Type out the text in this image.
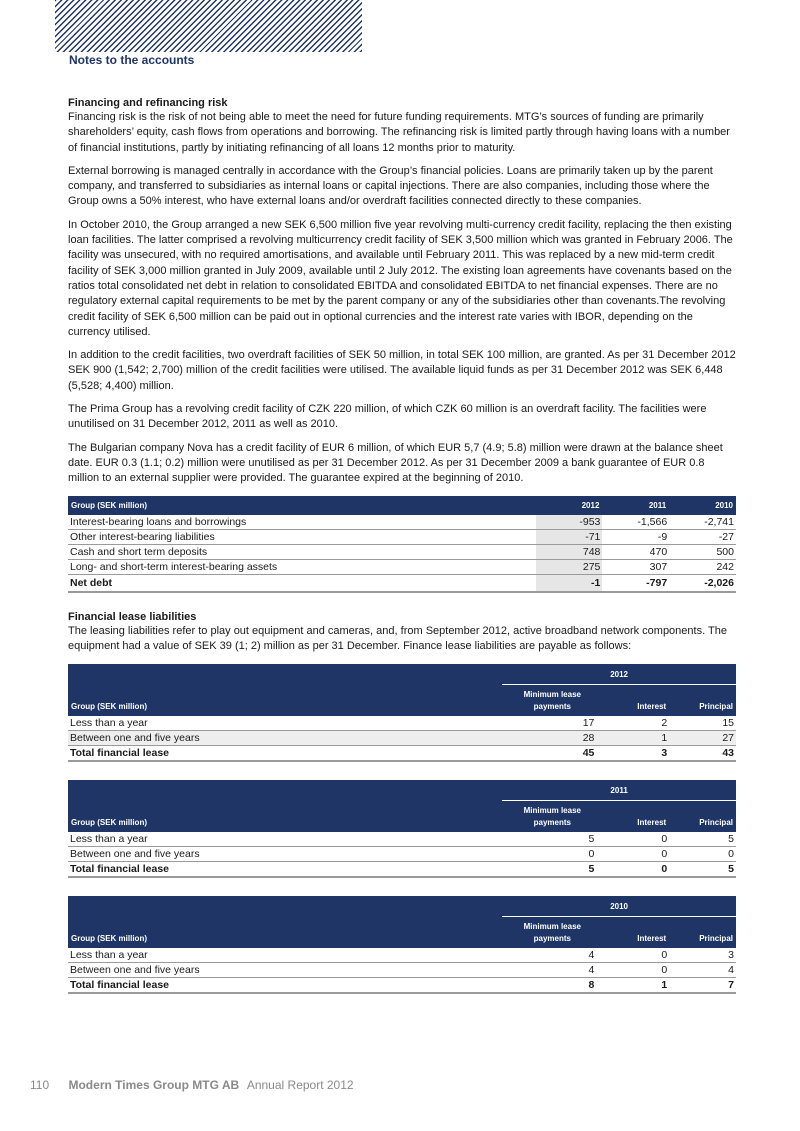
Notes to the accounts
Financing and refinancing risk

Financing risk is the risk of not being able to meet the need for future funding requirements. MTG’s sources of funding are primarily shareholders’ equity, cash flows from operations and borrowing. The refinancing risk is limited partly through having loans with a number of financial institutions, partly by initiating refinancing of all loans 12 months prior to maturity.

External borrowing is managed centrally in accordance with the Group’s financial policies. Loans are primarily taken up by the parent company, and transferred to subsidiaries as internal loans or capital injections. There are also companies, including those where the Group owns a 50% interest, who have external loans and/or overdraft facilities connected directly to these companies.

In October 2010, the Group arranged a new SEK 6,500 million five year revolving multi-currency credit facility, replacing the then existing loan facilities. The latter comprised a revolving multicurrency credit facility of SEK 3,500 million which was granted in February 2006. The facility was unsecured, with no required amortisations, and available until February 2011. This was replaced by a new mid-term credit facility of SEK 3,000 million granted in July 2009, available until 2 July 2012. The existing loan agreements have covenants based on the ratios total consolidated net debt in relation to consolidated EBITDA and consolidated EBITDA to net financial expenses. There are no regulatory external capital requirements to be met by the parent company or any of the subsidiaries other than covenants.The revolving credit facility of SEK 6,500 million can be paid out in optional currencies and the interest rate varies with IBOR, depending on the currency utilised.

In addition to the credit facilities, two overdraft facilities of SEK 50 million, in total SEK 100 million, are granted. As per 31 December 2012 SEK 900 (1,542; 2,700) million of the credit facilities were utilised. The available liquid funds as per 31 December 2012 was SEK 6,448 (5,528; 4,400) million.

The Prima Group has a revolving credit facility of CZK 220 million, of which CZK 60 million is an overdraft facility. The facilities were unutilised on 31 December 2012, 2011 as well as 2010.

The Bulgarian company Nova has a credit facility of EUR 6 million, of which EUR 5,7 (4.9; 5.8) million were drawn at the balance sheet date. EUR 0.3 (1.1; 0.2) million were unutilised as per 31 December 2012. As per 31 December 2009 a bank guarantee of EUR 0.8 million to an external supplier were provided. The guarantee expired at the beginning of 2010.

Group (SEK million)	2012	2011	2010
Interest-bearing loans and borrowings	-953	-1,566	-2,741
Other interest-bearing liabilities	-71	-9	-27
Cash and short term deposits	748	470	500
Long- and short-term interest-bearing assets	275	307	242
Net debt	-1	-797	-2,026
Financial lease liabilities

The leasing liabilities refer to play out equipment and cameras, and, from September 2012, active broadband network components. The equipment had a value of SEK 39 (1; 2) million as per 31 December. Finance lease liabilities are payable as follows:

	2012		
Group (SEK million)	Minimum lease payments	Interest	Principal
Less than a year	17	2	15
Between one and five years	28	1	27
Total financial lease	45	3	43
	2011		
Group (SEK million)	Minimum lease payments	Interest	Principal
Less than a year	5	0	5
Between one and five years	0	0	0
Total financial lease	5	0	5
	2010		
Group (SEK million)	Minimum lease payments	Interest	Principal
Less than a year	4	0	3
Between one and five years	4	0	4
Total financial lease	8	1	7
110 Modern Times Group MTG AB Annual Report 2012
